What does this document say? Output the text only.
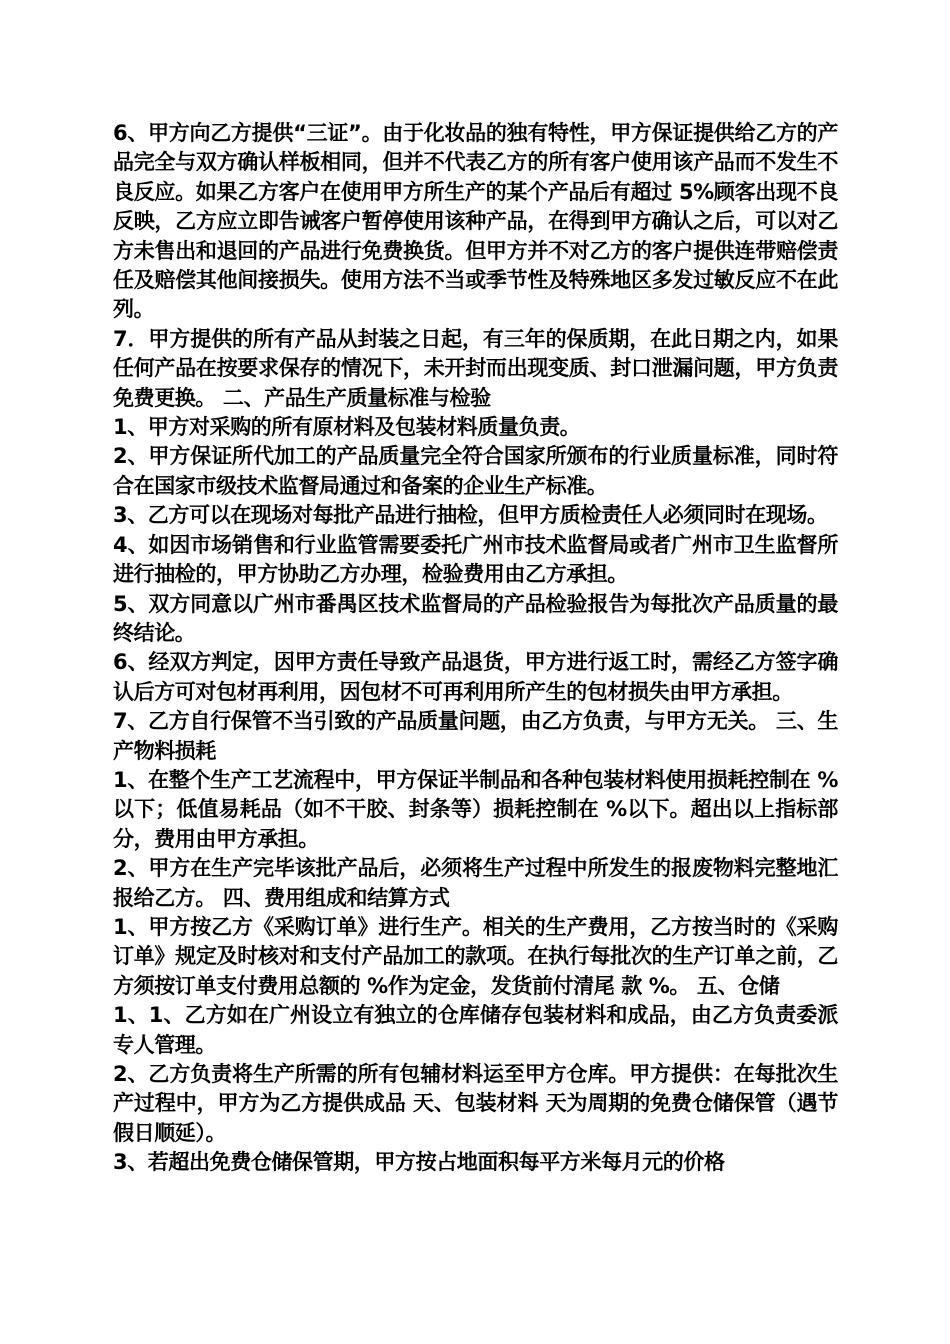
6、甲方向乙方提供“三证”。由于化妆品的独有特性，甲方保证提供给乙方的产品完全与双方确认样板相同，但并不代表乙方的所有客户使用该产品而不发生不良反应。如果乙方客户在使用甲方所生产的某个产品后有超过 5%顾客出现不良反映，乙方应立即告诫客户暂停使用该种产品，在得到甲方确认之后，可以对乙方未售出和退回的产品进行免费换货。但甲方并不对乙方的客户提供连带赔偿责任及赔偿其他间接损失。使用方法不当或季节性及特殊地区多发过敏反应不在此列。

7．甲方提供的所有产品从封装之日起，有三年的保质期，在此日期之内，如果任何产品在按要求保存的情况下，未开封而出现变质、封口泄漏问题，甲方负责免费更换。 二、产品生产质量标准与检验

1、甲方对采购的所有原材料及包装材料质量负责。

2、甲方保证所代加工的产品质量完全符合国家所颁布的行业质量标准，同时符合在国家市级技术监督局通过和备案的企业生产标准。

3、乙方可以在现场对每批产品进行抽检，但甲方质检责任人必须同时在现场。

4、如因市场销售和行业监管需要委托广州市技术监督局或者广州市卫生监督所进行抽检的，甲方协助乙方办理，检验费用由乙方承担。

5、双方同意以广州市番禺区技术监督局的产品检验报告为每批次产品质量的最终结论。

6、经双方判定，因甲方责任导致产品退货，甲方进行返工时，需经乙方签字确认后方可对包材再利用，因包材不可再利用所产生的包材损失由甲方承担。

7、乙方自行保管不当引致的产品质量问题，由乙方负责，与甲方无关。 三、生产物料损耗

1、在整个生产工艺流程中，甲方保证半制品和各种包装材料使用损耗控制在 %以下；低值易耗品（如不干胶、封条等）损耗控制在 %以下。超出以上指标部分，费用由甲方承担。

2、甲方在生产完毕该批产品后，必须将生产过程中所发生的报废物料完整地汇报给乙方。 四、费用组成和结算方式

1、甲方按乙方《采购订单》进行生产。相关的生产费用，乙方按当时的《采购订单》规定及时核对和支付产品加工的款项。在执行每批次的生产订单之前，乙方须按订单支付费用总额的 %作为定金，发货前付清尾 款 %。 五、仓储

1、1、乙方如在广州设立有独立的仓库储存包装材料和成品，由乙方负责委派专人管理。

2、乙方负责将生产所需的所有包辅材料运至甲方仓库。甲方提供：在每批次生产过程中，甲方为乙方提供成品 天、包装材料 天为周期的免费仓储保管（遇节假日顺延）。

3、若超出免费仓储保管期，甲方按占地面积每平方米每月元的价格
